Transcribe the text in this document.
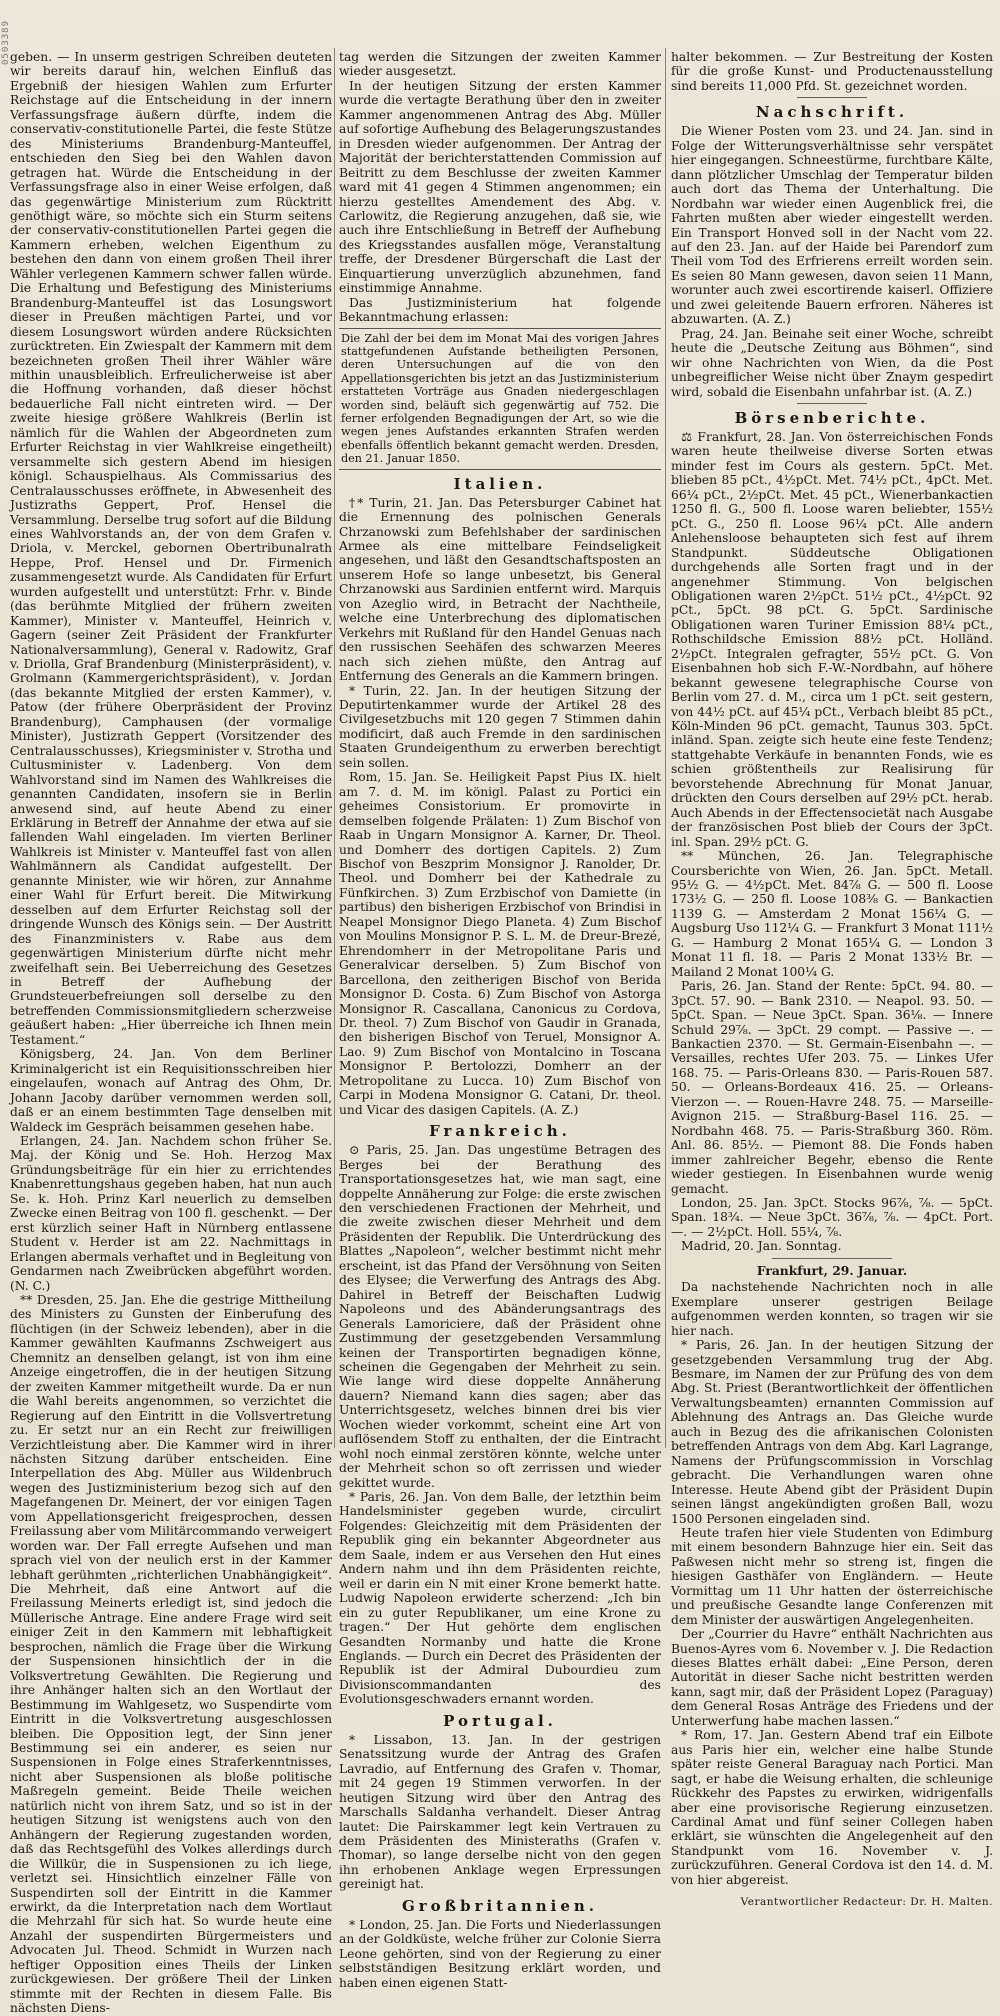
0503389 geben. — In unserm gestrigen Schreiben deuteten wir bereits darauf hin, welchen Einfluß das Ergebniß der hiesigen Wahlen zum Erfurter Reichstage auf die Entscheidung in der innern Verfassungsfrage äußern dürfte, indem die conservativ-constitutionelle Partei, die feste Stütze des Ministeriums Brandenburg-Manteuffel, entschieden den Sieg bei den Wahlen davon getragen hat. Würde die Entscheidung in der Verfassungsfrage also in einer Weise erfolgen, daß das gegenwärtige Ministerium zum Rücktritt genöthigt wäre, so möchte sich ein Sturm seitens der conservativ-constitutionellen Partei gegen die Kammern erheben, welchen Eigenthum zu bestehen den dann von einem großen Theil ihrer Wähler verlegenen Kammern schwer fallen würde. Die Erhaltung und Befestigung des Ministeriums Brandenburg-Manteuffel ist das Losungswort dieser in Preußen mächtigen Partei, und vor diesem Losungswort würden andere Rücksichten zurücktreten. Ein Zwiespalt der Kammern mit dem bezeichneten großen Theil ihrer Wähler wäre mithin unausbleiblich. Erfreulicherweise ist aber die Hoffnung vorhanden, daß dieser höchst bedauerliche Fall nicht eintreten wird. — Der zweite hiesige größere Wahlkreis (Berlin ist nämlich für die Wahlen der Abgeordneten zum Erfurter Reichstag in vier Wahlkreise eingetheilt) versammelte sich gestern Abend im hiesigen königl. Schauspielhaus. Als Commissarius des Centralausschusses eröffnete, in Abwesenheit des Justizraths Geppert, Prof. Hensel die Versammlung. Derselbe trug sofort auf die Bildung eines Wahlvorstands an, der von dem Grafen v. Driola, v. Merckel, gebornen Obertribunalrath Heppe, Prof. Hensel und Dr. Firmenich zusammengesetzt wurde. Als Candidaten für Erfurt wurden aufgestellt und unterstützt: Frhr. v. Binde (das berühmte Mitglied der frühern zweiten Kammer), Minister v. Manteuffel, Heinrich v. Gagern (seiner Zeit Präsident der Frankfurter Nationalversammlung), General v. Radowitz, Graf v. Driolla, Graf Brandenburg (Ministerpräsident), v. Grolmann (Kammergerichtspräsident), v. Jordan (das bekannte Mitglied der ersten Kammer), v. Patow (der frühere Oberpräsident der Provinz Brandenburg), Camphausen (der vormalige Minister), Justizrath Geppert (Vorsitzender des Centralausschusses), Kriegsminister v. Strotha und Cultusminister v. Ladenberg. Von dem Wahlvorstand sind im Namen des Wahlkreises die genannten Candidaten, insofern sie in Berlin anwesend sind, auf heute Abend zu einer Erklärung in Betreff der Annahme der etwa auf sie fallenden Wahl eingeladen. Im vierten Berliner Wahlkreis ist Minister v. Manteuffel fast von allen Wahlmännern als Candidat aufgestellt. Der genannte Minister, wie wir hören, zur Annahme einer Wahl für Erfurt bereit. Die Mitwirkung desselben auf dem Erfurter Reichstag soll der dringende Wunsch des Königs sein. — Der Austritt des Finanzministers v. Rabe aus dem gegenwärtigen Ministerium dürfte nicht mehr zweifelhaft sein. Bei Ueberreichung des Gesetzes in Betreff der Aufhebung der Grundsteuerbefreiungen soll derselbe zu den betreffenden Commissionsmitgliedern scherzweise geäußert haben: „Hier überreiche ich Ihnen mein Testament.“

Königsberg, 24. Jan. Von dem Berliner Kriminalgericht ist ein Requisitionsschreiben hier eingelaufen, wonach auf Antrag des Ohm, Dr. Johann Jacoby darüber vernommen werden soll, daß er an einem bestimmten Tage denselben mit Waldeck im Gespräch beisammen gesehen habe.

Erlangen, 24. Jan. Nachdem schon früher Se. Maj. der König und Se. Hoh. Herzog Max Gründungsbeiträge für ein hier zu errichtendes Knabenrettungshaus gegeben haben, hat nun auch Se. k. Hoh. Prinz Karl neuerlich zu demselben Zwecke einen Beitrag von 100 fl. geschenkt. — Der erst kürzlich seiner Haft in Nürnberg entlassene Student v. Herder ist am 22. Nachmittags in Erlangen abermals verhaftet und in Begleitung von Gendarmen nach Zweibrücken abgeführt worden. (N. C.)

** Dresden, 25. Jan. Ehe die gestrige Mittheilung des Ministers zu Gunsten der Einberufung des flüchtigen (in der Schweiz lebenden), aber in die Kammer gewählten Kaufmanns Zschweigert aus Chemnitz an denselben gelangt, ist von ihm eine Anzeige eingetroffen, die in der heutigen Sitzung der zweiten Kammer mitgetheilt wurde. Da er nun die Wahl bereits angenommen, so verzichtet die Regierung auf den Eintritt in die Vollsvertretung zu. Er setzt nur an ein Recht zur freiwilligen Verzichtleistung aber. Die Kammer wird in ihrer nächsten Sitzung darüber entscheiden. Eine Interpellation des Abg. Müller aus Wildenbruch wegen des Justizministerium bezog sich auf den Magefangenen Dr. Meinert, der vor einigen Tagen vom Appellationsgericht freigesprochen, dessen Freilassung aber vom Militärcommando verweigert worden war. Der Fall erregte Aufsehen und man sprach viel von der neulich erst in der Kammer lebhaft gerühmten „richterlichen Unabhängigkeit“. Die Mehrheit, daß eine Antwort auf die Freilassung Meinerts erledigt ist, sind jedoch die Müllerische Antrage. Eine andere Frage wird seit einiger Zeit in den Kammern mit lebhaftigkeit besprochen, nämlich die Frage über die Wirkung der Suspensionen hinsichtlich der in die Volksvertretung Gewählten. Die Regierung und ihre Anhänger halten sich an den Wortlaut der Bestimmung im Wahlgesetz, wo Suspendirte vom Eintritt in die Volksvertretung ausgeschlossen bleiben. Die Opposition legt, der Sinn jener Bestimmung sei ein anderer, es seien nur Suspensionen in Folge eines Straferkenntnisses, nicht aber Suspensionen als bloße politische Maßregeln gemeint. Beide Theile weichen natürlich nicht von ihrem Satz, und so ist in der heutigen Sitzung ist wenigstens auch von den Anhängern der Regierung zugestanden worden, daß das Rechtsgefühl des Volkes allerdings durch die Willkür, die in Suspensionen zu ich liege, verletzt sei. Hinsichtlich einzelner Fälle von Suspendirten soll der Eintritt in die Kammer erwirkt, da die Interpretation nach dem Wortlaut die Mehrzahl für sich hat. So wurde heute eine Anzahl der suspendirten Bürgermeisters und Advocaten Jul. Theod. Schmidt in Wurzen nach heftiger Opposition eines Theils der Linken zurückgewiesen. Der größere Theil der Linken stimmte mit der Rechten in diesem Falle. Bis nächsten Diens-

tag werden die Sitzungen der zweiten Kammer wieder ausgesetzt.

In der heutigen Sitzung der ersten Kammer wurde die vertagte Berathung über den in zweiter Kammer angenommenen Antrag des Abg. Müller auf sofortige Aufhebung des Belagerungszustandes in Dresden wieder aufgenommen. Der Antrag der Majorität der berichterstattenden Commission auf Beitritt zu dem Beschlusse der zweiten Kammer ward mit 41 gegen 4 Stimmen angenommen; ein hierzu gestelltes Amendement des Abg. v. Carlowitz, die Regierung anzugehen, daß sie, wie auch ihre Entschließung in Betreff der Aufhebung des Kriegsstandes ausfallen möge, Veranstaltung treffe, der Dresdener Bürgerschaft die Last der Einquartierung unverzüglich abzunehmen, fand einstimmige Annahme.

Das Justizministerium hat folgende Bekanntmachung erlassen:

Die Zahl der bei dem im Monat Mai des vorigen Jahres stattgefundenen Aufstande betheiligten Personen, deren Untersuchungen auf die von den Appellationsgerichten bis jetzt an das Justizministerium erstatteten Vorträge aus Gnaden niedergeschlagen worden sind, beläuft sich gegenwärtig auf 752. Die ferner erfolgenden Begnadigungen der Art, so wie die wegen jenes Aufstandes erkannten Strafen werden ebenfalls öffentlich bekannt gemacht werden. Dresden, den 21. Januar 1850.
Italien.

†* Turin, 21. Jan. Das Petersburger Cabinet hat die Ernennung des polnischen Generals Chrzanowski zum Befehlshaber der sardinischen Armee als eine mittelbare Feindseligkeit angesehen, und läßt den Gesandtschaftsposten an unserem Hofe so lange unbesetzt, bis General Chrzanowski aus Sardinien entfernt wird. Marquis von Azeglio wird, in Betracht der Nachtheile, welche eine Unterbrechung des diplomatischen Verkehrs mit Rußland für den Handel Genuas nach den russischen Seehäfen des schwarzen Meeres nach sich ziehen müßte, den Antrag auf Entfernung des Generals an die Kammern bringen.

* Turin, 22. Jan. In der heutigen Sitzung der Deputirtenkammer wurde der Artikel 28 des Civilgesetzbuchs mit 120 gegen 7 Stimmen dahin modificirt, daß auch Fremde in den sardinischen Staaten Grundeigenthum zu erwerben berechtigt sein sollen.

Rom, 15. Jan. Se. Heiligkeit Papst Pius IX. hielt am 7. d. M. im königl. Palast zu Portici ein geheimes Consistorium. Er promovirte in demselben folgende Prälaten: 1) Zum Bischof von Raab in Ungarn Monsignor A. Karner, Dr. Theol. und Domherr des dortigen Capitels. 2) Zum Bischof von Beszprim Monsignor J. Ranolder, Dr. Theol. und Domherr bei der Kathedrale zu Fünfkirchen. 3) Zum Erzbischof von Damiette (in partibus) den bisherigen Erzbischof von Brindisi in Neapel Monsignor Diego Planeta. 4) Zum Bischof von Moulins Monsignor P. S. L. M. de Dreur-Brezé, Ehrendomherr in der Metropolitane Paris und Generalvicar derselben. 5) Zum Bischof von Barcellona, den zeitherigen Bischof von Berida Monsignor D. Costa. 6) Zum Bischof von Astorga Monsignor R. Cascallana, Canonicus zu Cordova, Dr. theol. 7) Zum Bischof von Gaudir in Granada, den bisherigen Bischof von Teruel, Monsignor A. Lao. 9) Zum Bischof von Montalcino in Toscana Monsignor P. Bertolozzi, Domherr an der Metropolitane zu Lucca. 10) Zum Bischof von Carpi in Modena Monsignor G. Catani, Dr. theol. und Vicar des dasigen Capitels. (A. Z.)

Frankreich.

⊙ Paris, 25. Jan. Das ungestüme Betragen des Berges bei der Berathung des Transportationsgesetzes hat, wie man sagt, eine doppelte Annäherung zur Folge: die erste zwischen den verschiedenen Fractionen der Mehrheit, und die zweite zwischen dieser Mehrheit und dem Präsidenten der Republik. Die Unterdrückung des Blattes „Napoleon“, welcher bestimmt nicht mehr erscheint, ist das Pfand der Versöhnung von Seiten des Elysee; die Verwerfung des Antrags des Abg. Dahirel in Betreff der Beischaften Ludwig Napoleons und des Abänderungsantrags des Generals Lamoriciere, daß der Präsident ohne Zustimmung der gesetzgebenden Versammlung keinen der Transportirten begnadigen könne, scheinen die Gegengaben der Mehrheit zu sein. Wie lange wird diese doppelte Annäherung dauern? Niemand kann dies sagen; aber das Unterrichtsgesetz, welches binnen drei bis vier Wochen wieder vorkommt, scheint eine Art von auflösendem Stoff zu enthalten, der die Eintracht wohl noch einmal zerstören könnte, welche unter der Mehrheit schon so oft zerrissen und wieder gekittet wurde.

* Paris, 26. Jan. Von dem Balle, der letzthin beim Handelsminister gegeben wurde, circulirt Folgendes: Gleichzeitig mit dem Präsidenten der Republik ging ein bekannter Abgeordneter aus dem Saale, indem er aus Versehen den Hut eines Andern nahm und ihn dem Präsidenten reichte, weil er darin ein N mit einer Krone bemerkt hatte. Ludwig Napoleon erwiderte scherzend: „Ich bin ein zu guter Republikaner, um eine Krone zu tragen.“ Der Hut gehörte dem englischen Gesandten Normanby und hatte die Krone Englands. — Durch ein Decret des Präsidenten der Republik ist der Admiral Dubourdieu zum Divisionscommandanten des Evolutionsgeschwaders ernannt worden.

Portugal.

* Lissabon, 13. Jan. In der gestrigen Senatssitzung wurde der Antrag des Grafen Lavradio, auf Entfernung des Grafen v. Thomar, mit 24 gegen 19 Stimmen verworfen. In der heutigen Sitzung wird über den Antrag des Marschalls Saldanha verhandelt. Dieser Antrag lautet: Die Pairskammer legt kein Vertrauen zu dem Präsidenten des Ministeraths (Grafen v. Thomar), so lange derselbe nicht von den gegen ihn erhobenen Anklage wegen Erpressungen gereinigt hat.

Großbritannien.

* London, 25. Jan. Die Forts und Niederlassungen an der Goldküste, welche früher zur Colonie Sierra Leone gehörten, sind von der Regierung zu einer selbstständigen Besitzung erklärt worden, und haben einen eigenen Statt-

halter bekommen. — Zur Bestreitung der Kosten für die große Kunst- und Productenausstellung sind bereits 11,000 Pfd. St. gezeichnet worden.

Nachschrift.

Die Wiener Posten vom 23. und 24. Jan. sind in Folge der Witterungsverhältnisse sehr verspätet hier eingegangen. Schneestürme, furchtbare Kälte, dann plötzlicher Umschlag der Temperatur bilden auch dort das Thema der Unterhaltung. Die Nordbahn war wieder einen Augenblick frei, die Fahrten mußten aber wieder eingestellt werden. Ein Transport Honved soll in der Nacht vom 22. auf den 23. Jan. auf der Haide bei Parendorf zum Theil vom Tod des Erfrierens erreilt worden sein. Es seien 80 Mann gewesen, davon seien 11 Mann, worunter auch zwei escortirende kaiserl. Offiziere und zwei geleitende Bauern erfroren. Näheres ist abzuwarten. (A. Z.)

Prag, 24. Jan. Beinahe seit einer Woche, schreibt heute die „Deutsche Zeitung aus Böhmen“, sind wir ohne Nachrichten von Wien, da die Post unbegreiflicher Weise nicht über Znaym gespedirt wird, sobald die Eisenbahn unfahrbar ist. (A. Z.)

Börsenberichte.

⚖ Frankfurt, 28. Jan. Von österreichischen Fonds waren heute theilweise diverse Sorten etwas minder fest im Cours als gestern. 5pCt. Met. blieben 85 pCt., 4½pCt. Met. 74½ pCt., 4pCt. Met. 66¼ pCt., 2½pCt. Met. 45 pCt., Wienerbankactien 1250 fl. G., 500 fl. Loose waren beliebter, 155½ pCt. G., 250 fl. Loose 96¼ pCt. Alle andern Anlehensloose behaupteten sich fest auf ihrem Standpunkt. Süddeutsche Obligationen durchgehends alle Sorten fragt und in der angenehmer Stimmung. Von belgischen Obligationen waren 2½pCt. 51½ pCt., 4½pCt. 92 pCt., 5pCt. 98 pCt. G. 5pCt. Sardinische Obligationen waren Turiner Emission 88¼ pCt., Rothschildsche Emission 88½ pCt. Holländ. 2½pCt. Integralen gefragter, 55½ pCt. G. Von Eisenbahnen hob sich F.-W.-Nordbahn, auf höhere bekannt gewesene telegraphische Course von Berlin vom 27. d. M., circa um 1 pCt. seit gestern, von 44½ pCt. auf 45¼ pCt., Verbach bleibt 85 pCt., Köln-Minden 96 pCt. gemacht, Taunus 303. 5pCt. inländ. Span. zeigte sich heute eine feste Tendenz; stattgehabte Verkäufe in benannten Fonds, wie es schien größtentheils zur Realisirung für bevorstehende Abrechnung für Monat Januar, drückten den Cours derselben auf 29½ pCt. herab. Auch Abends in der Effectensocietät nach Ausgabe der französischen Post blieb der Cours der 3pCt. inl. Span. 29½ pCt. G.

** München, 26. Jan. Telegraphische Coursberichte von Wien, 26. Jan. 5pCt. Metall. 95½ G. — 4½pCt. Met. 84⅞ G. — 500 fl. Loose 173½ G. — 250 fl. Loose 108⅜ G. — Bankactien 1139 G. — Amsterdam 2 Monat 156¼ G. — Augsburg Uso 112¼ G. — Frankfurt 3 Monat 111½ G. — Hamburg 2 Monat 165¼ G. — London 3 Monat 11 fl. 18. — Paris 2 Monat 133½ Br. — Mailand 2 Monat 100¼ G.

Paris, 26. Jan. Stand der Rente: 5pCt. 94. 80. — 3pCt. 57. 90. — Bank 2310. — Neapol. 93. 50. — 5pCt. Span. — Neue 3pCt. Span. 36⅛. — Innere Schuld 29⅞. — 3pCt. 29 compt. — Passive —. — Bankactien 2370. — St. Germain-Eisenbahn —. — Versailles, rechtes Ufer 203. 75. — Linkes Ufer 168. 75. — Paris-Orleans 830. — Paris-Rouen 587. 50. — Orleans-Bordeaux 416. 25. — Orleans-Vierzon —. — Rouen-Havre 248. 75. — Marseille-Avignon 215. — Straßburg-Basel 116. 25. — Nordbahn 468. 75. — Paris-Straßburg 360. Röm. Anl. 86. 85½. — Piemont 88. Die Fonds haben immer zahlreicher Begehr, ebenso die Rente wieder gestiegen. In Eisenbahnen wurde wenig gemacht.

London, 25. Jan. 3pCt. Stocks 96⅞, ⅞. — 5pCt. Span. 18¾. — Neue 3pCt. 36⅞, ⅞. — 4pCt. Port. —. — 2½pCt. Holl. 55¼, ⅞.

Madrid, 20. Jan. Sonntag.

Frankfurt, 29. Januar.

Da nachstehende Nachrichten noch in alle Exemplare unserer gestrigen Beilage aufgenommen werden konnten, so tragen wir sie hier nach.

* Paris, 26. Jan. In der heutigen Sitzung der gesetzgebenden Versammlung trug der Abg. Besmare, im Namen der zur Prüfung des von dem Abg. St. Priest (Berantwortlichkeit der öffentlichen Verwaltungsbeamten) ernannten Commission auf Ablehnung des Antrags an. Das Gleiche wurde auch in Bezug des die afrikanischen Colonisten betreffenden Antrags von dem Abg. Karl Lagrange, Namens der Prüfungscommission in Vorschlag gebracht. Die Verhandlungen waren ohne Interesse. Heute Abend gibt der Präsident Dupin seinen längst angekündigten großen Ball, wozu 1500 Personen eingeladen sind.

Heute trafen hier viele Studenten von Edimburg mit einem besondern Bahnzuge hier ein. Seit das Paßwesen nicht mehr so streng ist, fingen die hiesigen Gasthäfer von Engländern. — Heute Vormittag um 11 Uhr hatten der österreichische und preußische Gesandte lange Conferenzen mit dem Minister der auswärtigen Angelegenheiten.

Der „Courrier du Havre“ enthält Nachrichten aus Buenos-Ayres vom 6. November v. J. Die Redaction dieses Blattes erhält dabei: „Eine Person, deren Autorität in dieser Sache nicht bestritten werden kann, sagt mir, daß der Präsident Lopez (Paraguay) dem General Rosas Anträge des Friedens und der Unterwerfung habe machen lassen.“

* Rom, 17. Jan. Gestern Abend traf ein Eilbote aus Paris hier ein, welcher eine halbe Stunde später reiste General Baraguay nach Portici. Man sagt, er habe die Weisung erhalten, die schleunige Rückkehr des Papstes zu erwirken, widrigenfalls aber eine provisorische Regierung einzusetzen. Cardinal Amat und fünf seiner Collegen haben erklärt, sie wünschten die Angelegenheit auf den Standpunkt vom 16. November v. J. zurückzuführen. General Cordova ist den 14. d. M. von hier abgereist.

Verantwortlicher Redacteur: Dr. H. Malten.
